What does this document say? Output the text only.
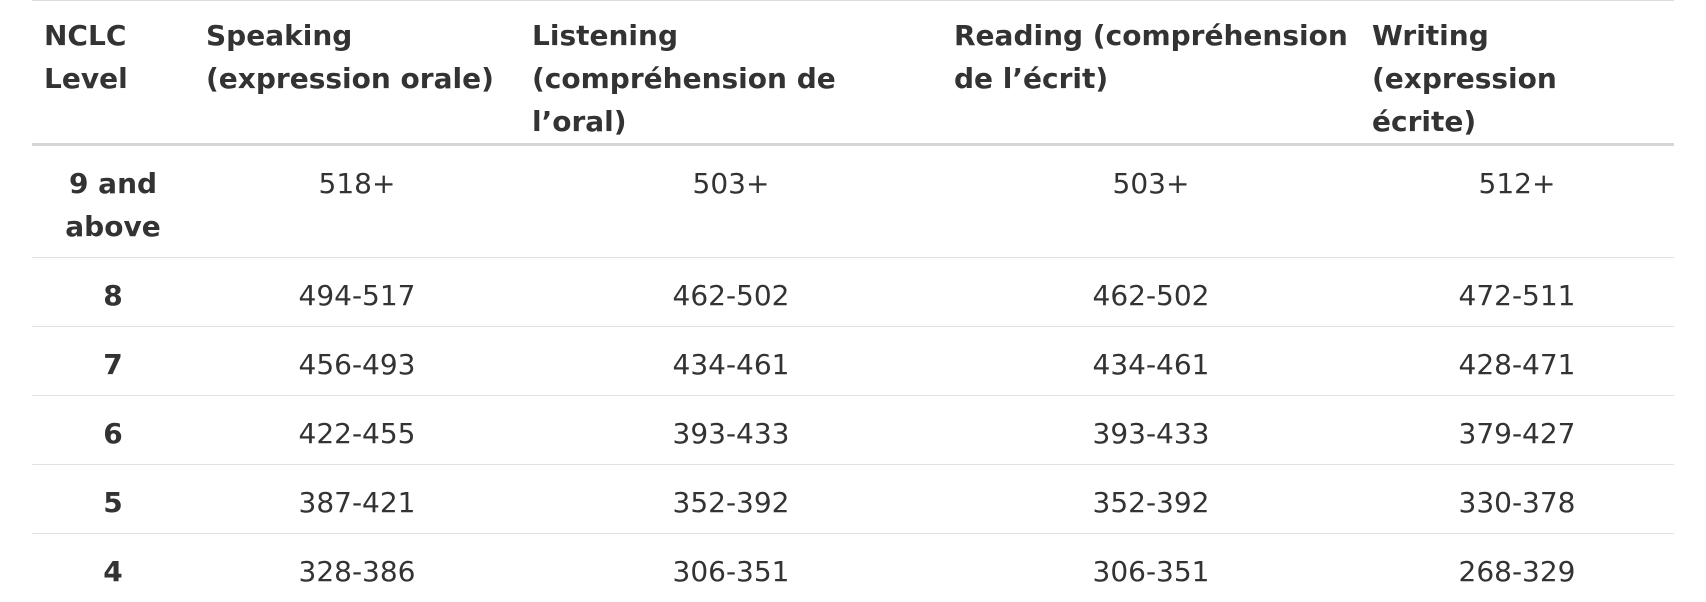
NCLC Level	Speaking (expression orale)	Listening (compréhension de l’oral)	Reading (compréhension de l’écrit)	Writing (expression écrite)
9 and above	518+	503+	503+	512+
8	494-517	462-502	462-502	472-511
7	456-493	434-461	434-461	428-471
6	422-455	393-433	393-433	379-427
5	387-421	352-392	352-392	330-378
4	328-386	306-351	306-351	268-329
